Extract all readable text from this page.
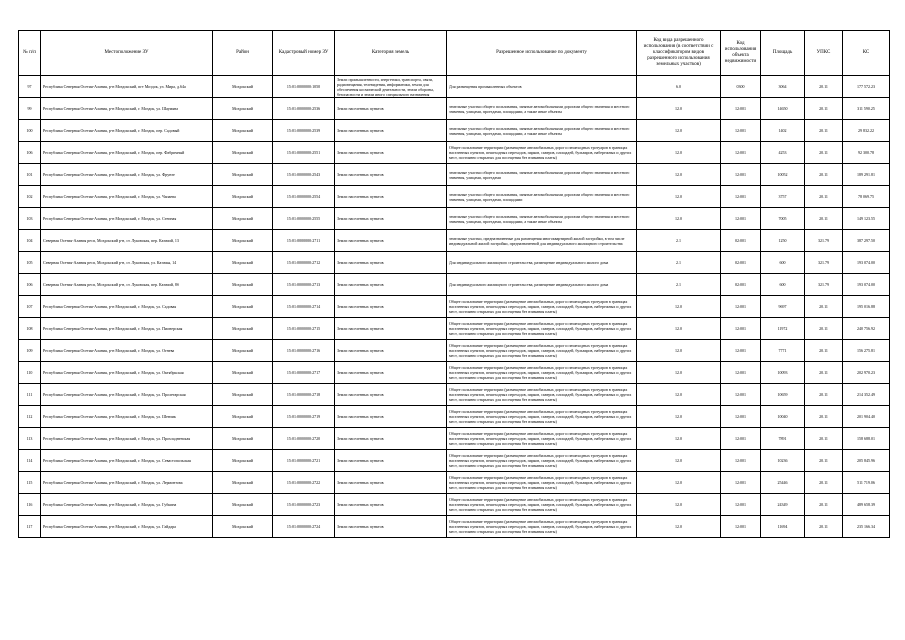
№ п/п	Местоположение ЗУ	Район	Кадастровый номер ЗУ	Категория земель	Разрешенное использование по документу	Код вида разрешенного использования (в соответствии с классификатором видов разрешенного использования земельных участков)	Код использования объекта недвижимости	Площадь	УПКС	КС
97	Республика Северная Осетия-Алания, р-н Моздокский, пгт Моздок, ул. Мира, д.64а	Моздокский	15:01:0000000:1050	Земли промышленности, энергетики, транспорта, связи, радиовещания, телевидения, информатики, земли для обеспечения космической деятельности, земли обороны, безопасности и земли иного специального назначения	Для размещения промышленных объектов	6.0	0300	3064	20.11	177 572.23
99	Республика Северная Осетия-Алания, р-н Моздокский, г. Моздок, ул. Шаумяна	Моздокский	15:01:0000000:2536	Земли населенных пунктов	земельные участки общего пользования, занятые автомобильными дорогами общего значения и местного значения, улицами, проездами, площадями, а также иные объекты	12.0	12:001	14650	20.11	311 590.25
100	Республика Северная Осетия-Алания, р-н Моздокский, г. Моздок, пер. Садовый	Моздокский	15:01:0000000:2539	Земли населенных пунктов	земельные участки общего пользования, занятые автомобильными дорогами общего значения и местного значения, улицами, проездами, площадями, а также иные объекты	12.0	12:001	1402	20.11	29 832.22
106	Республика Северная Осетия-Алания, р-н Моздокский, г. Моздок, пер. Фабричный	Моздокский	15:01:0000000:2551	Земли населенных пунктов	Общее пользование территории (размещение автомобильных дорог и пешеходных тротуаров в границах населенных пунктов, пешеходных переходов, парков, скверов, площадей, бульваров, набережных и других мест, постоянно открытых для посещения без взимания платы)	12.0	12:001	4253	20.11	92 300.78
101	Республика Северная Осетия-Алания, р-н Моздокский, г. Моздок, ул. Фрунзе	Моздокский	15:01:0000000:2543	Земли населенных пунктов	земельные участки общего пользования, занятые автомобильными дорогами общего значения и местного значения, улицами, проездами	12.0	12:001	10052	20.11	189 291.81
102	Республика Северная Осетия-Алания, р-н Моздокский, г. Моздок, ул. Чапаева	Моздокский	15:01:0000000:2554	Земли населенных пунктов	земельные участки общего пользования, занятые автомобильными дорогами общего значения и местного значения, улицами, проездами, площадями	12.0	12:001	3757	20.11	78 069.75
103	Республика Северная Осетия-Алания, р-н Моздокский, г. Моздок, ул. Степная	Моздокский	15:01:0000000:2555	Земли населенных пунктов	земельные участки общего пользования, занятые автомобильными дорогами общего значения и местного значения, улицами, проездами, площадями, а также иные объекты	12.0	12:001	7005	20.11	149 123.55
104	Северная Осетия-Алания респ, Моздокский р-н, ст. Луковская, пер. Казачий, 13	Моздокский	15:01:0000000:2711	Земли населенных пунктов	земельные участки, предназначенные для размещения многоквартирной жилой застройки, в том числе индивидуальной жилой застройки, предназначенной для индивидуального жилищного строительства	2.1	02:001	1250	321.79	387 297.50
105	Северная Осетия-Алания респ, Моздокский р-н, ст. Луковская, ул. Казачья, 14	Моздокский	15:01:0000000:2712	Земли населенных пунктов	Для индивидуального жилищного строительства, размещение индивидуального жилого дома	2.1	02:001	600	321.79	193 074.00
106	Северная Осетия-Алания респ, Моздокский р-н, ст. Луковская, пер. Казачий, 8б	Моздокский	15:01:0000000:2713	Земли населенных пунктов	Для индивидуального жилищного строительства, размещение индивидуального жилого дома	2.1	02:001	600	321.79	193 074.00
107	Республика Северная Осетия-Алания, р-н Моздокский, г. Моздок, ул. Садовая	Моздокский	15:01:0000000:2714	Земли населенных пунктов	Общее пользование территории (размещение автомобильных дорог и пешеходных тротуаров в границах населенных пунктов, пешеходных переходов, парков, скверов, площадей, бульваров, набережных и других мест, постоянно открытых для посещения без взимания платы)	12.0	12:001	9697	20.11	195 016.88
108	Республика Северная Осетия-Алания, р-н Моздокский, г. Моздок, ул. Пионерская	Моздокский	15:01:0000000:2715	Земли населенных пунктов	Общее пользование территории (размещение автомобильных дорог и пешеходных тротуаров в границах населенных пунктов, пешеходных переходов, парков, скверов, площадей, бульваров, набережных и других мест, постоянно открытых для посещения без взимания платы)	12.0	12:001	11972	20.11	240 756.92
109	Республика Северная Осетия-Алания, р-н Моздокский, г. Моздок, ул. Огнева	Моздокский	15:01:0000000:2716	Земли населенных пунктов	Общее пользование территории (размещение автомобильных дорог и пешеходных тротуаров в границах населенных пунктов, пешеходных переходов, парков, скверов, площадей, бульваров, набережных и других мест, постоянно открытых для посещения без взимания платы)	12.0	12:001	7771	20.11	156 275.81
110	Республика Северная Осетия-Алания, р-н Моздокский, г. Моздок, ул. Октябрьская	Моздокский	15:01:0000000:2717	Земли населенных пунктов	Общее пользование территории (размещение автомобильных дорог и пешеходных тротуаров в границах населенных пунктов, пешеходных переходов, парков, скверов, площадей, бульваров, набережных и других мест, постоянно открытых для посещения без взимания платы)	12.0	12:001	10093	20.11	202 970.23
111	Республика Северная Осетия-Алания, р-н Моздокский, г. Моздок, ул. Пролетарская	Моздокский	15:01:0000000:2718	Земли населенных пунктов	Общее пользование территории (размещение автомобильных дорог и пешеходных тротуаров в границах населенных пунктов, пешеходных переходов, парков, скверов, площадей, бульваров, набережных и других мест, постоянно открытых для посещения без взимания платы)	12.0	12:001	10659	20.11	214 352.49
112	Республика Северная Осетия-Алания, р-н Моздокский, г. Моздок, ул. Шевчик	Моздокский	15:01:0000000:2719	Земли населенных пунктов	Общее пользование территории (размещение автомобильных дорог и пешеходных тротуаров в границах населенных пунктов, пешеходных переходов, парков, скверов, площадей, бульваров, набережных и других мест, постоянно открытых для посещения без взимания платы)	12.0	12:001	10040	20.11	201 904.40
113	Республика Северная Осетия-Алания, р-н Моздокский, г. Моздок, ул. Прохладненская	Моздокский	15:01:0000000:2720	Земли населенных пунктов	Общее пользование территории (размещение автомобильных дорог и пешеходных тротуаров в границах населенных пунктов, пешеходных переходов, парков, скверов, площадей, бульваров, набережных и других мест, постоянно открытых для посещения без взимания платы)	12.0	12:001	7891	20.11	158 688.01
114	Республика Северная Осетия-Алания, р-н Моздокский, г. Моздок, ул. Севастопольская	Моздокский	15:01:0000000:2721	Земли населенных пунктов	Общее пользование территории (размещение автомобильных дорог и пешеходных тротуаров в границах населенных пунктов, пешеходных переходов, парков, скверов, площадей, бульваров, набережных и других мест, постоянно открытых для посещения без взимания платы)	12.0	12:001	10236	20.11	205 845.96
115	Республика Северная Осетия-Алания, р-н Моздокский, г. Моздок, ул. Лермонтова	Моздокский	15:01:0000000:2722	Земли населенных пунктов	Общее пользование территории (размещение автомобильных дорог и пешеходных тротуаров в границах населенных пунктов, пешеходных переходов, парков, скверов, площадей, бульваров, набережных и других мест, постоянно открытых для посещения без взимания платы)	12.0	12:001	25446	20.11	511 719.06
116	Республика Северная Осетия-Алания, р-н Моздокский, г. Моздок, ул. Губкина	Моздокский	15:01:0000000:2723	Земли населенных пунктов	Общее пользование территории (размещение автомобильных дорог и пешеходных тротуаров в границах населенных пунктов, пешеходных переходов, парков, скверов, площадей, бульваров, набережных и других мест, постоянно открытых для посещения без взимания платы)	12.0	12:001	24349	20.11	489 658.39
117	Республика Северная Осетия-Алания, р-н Моздокский, г. Моздок, ул. Гайдара	Моздокский	15:01:0000000:2724	Земли населенных пунктов	Общее пользование территории (размещение автомобильных дорог и пешеходных тротуаров в границах населенных пунктов, пешеходных переходов, парков, скверов, площадей, бульваров, набережных и других мест, постоянно открытых для посещения без взимания платы)	12.0	12:001	11694	20.11	235 166.34
